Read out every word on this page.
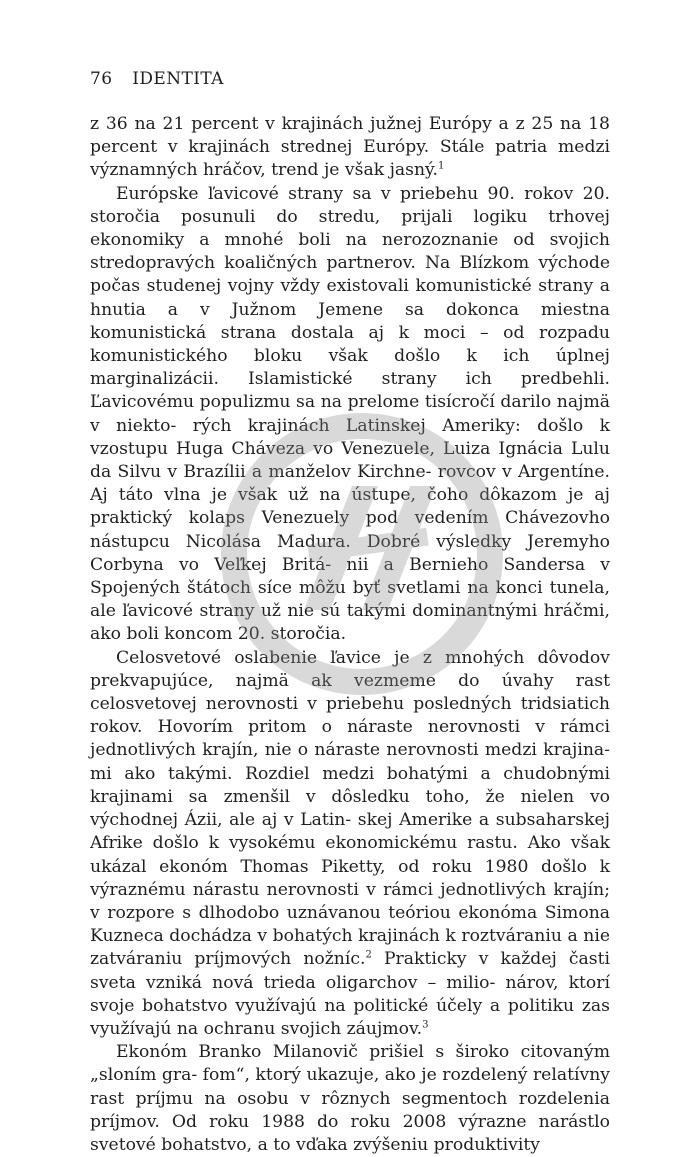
76 IDENTITA

z 36 na 21 percent v krajinách južnej Európy a z 25 na 18 percent v krajinách strednej Európy. Stále patria medzi významných hráčov, trend je však jasný.$^1$

Európske ľavicové strany sa v priebehu 90. rokov 20. storočia posunuli do stredu, prijali logiku trhovej ekonomiky a mnohé boli na nerozoznanie od svojich stredopravých koaličných partnerov. Na Blízkom východe počas studenej vojny vždy existovali komunistické strany a hnutia a v Južnom Jemene sa dokonca miestna komunistická strana dostala aj k moci – od rozpadu komunistického bloku však došlo k ich úplnej marginalizácii. Islamistické strany ich predbehli. Ľavicovému populizmu sa na prelome tisícročí darilo najmä v niekto- rých krajinách Latinskej Ameriky: došlo k vzostupu Huga Cháveza vo Venezuele, Luiza Ignácia Lulu da Silvu v Brazílii a manželov Kirchne- rovcov v Argentíne. Aj táto vlna je však už na ústupe, čoho dôkazom je aj praktický kolaps Venezuely pod vedením Chávezovho nástupcu Nicolása Madura. Dobré výsledky Jeremyho Corbyna vo Veľkej Britá- nii a Bernieho Sandersa v Spojených štátoch síce môžu byť svetlami na konci tunela, ale ľavicové strany už nie sú takými dominantnými hráčmi, ako boli koncom 20. storočia.

Celosvetové oslabenie ľavice je z mnohých dôvodov prekvapujúce, najmä ak vezmeme do úvahy rast celosvetovej nerovnosti v priebehu posledných tridsiatich rokov. Hovorím pritom o náraste nerovnosti v rámci jednotlivých krajín, nie o náraste nerovnosti medzi krajina- mi ako takými. Rozdiel medzi bohatými a chudobnými krajinami sa zmenšil v dôsledku toho, že nielen vo východnej Ázii, ale aj v Latin- skej Amerike a subsaharskej Afrike došlo k vysokému ekonomickému rastu. Ako však ukázal ekonóm Thomas Piketty, od roku 1980 došlo k výraznému nárastu nerovnosti v rámci jednotlivých krajín; v rozpore s dlhodobo uznávanou teóriou ekonóma Simona Kuzneca dochádza v bohatých krajinách k roztváraniu a nie zatváraniu príjmových nožníc.$^2$ Prakticky v každej časti sveta vzniká nová trieda oligarchov – milio- nárov, ktorí svoje bohatstvo využívajú na politické účely a politiku zas využívajú na ochranu svojich záujmov.$^3$

Ekonóm Branko Milanovič prišiel s široko citovaným „sloním gra- fom“, ktorý ukazuje, ako je rozdelený relatívny rast príjmu na osobu v rôznych segmentoch rozdelenia príjmov. Od roku 1988 do roku 2008 výrazne narástlo svetové bohatstvo, a to vďaka zvýšeniu produktivity
